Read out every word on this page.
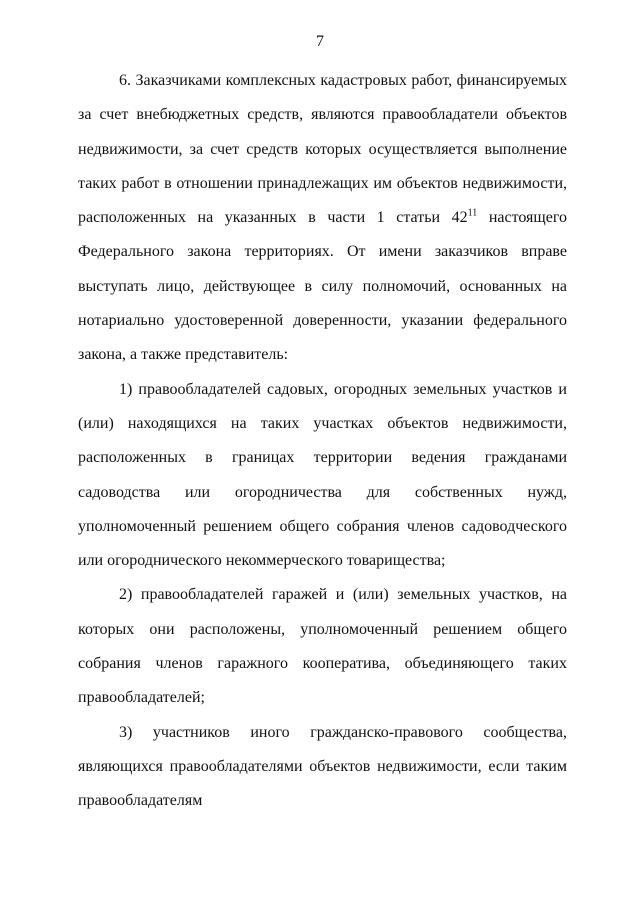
7

6. Заказчиками комплексных кадастровых работ, финансируемых за счет внебюджетных средств, являются правообладатели объектов недвижимости, за счет средств которых осуществляется выполнение таких работ в отношении принадлежащих им объектов недвижимости, расположенных на указанных в части 1 статьи $42^{11}$ настоящего Федерального закона территориях. От имени заказчиков вправе выступать лицо, действующее в силу полномочий, основанных на нотариально удостоверенной доверенности, указании федерального закона, а также представитель:

1) правообладателей садовых, огородных земельных участков и (или) находящихся на таких участках объектов недвижимости, расположенных в границах территории ведения гражданами садоводства или огородничества для собственных нужд, уполномоченный решением общего собрания членов садоводческого или огороднического некоммерческого товарищества;

2) правообладателей гаражей и (или) земельных участков, на которых они расположены, уполномоченный решением общего собрания членов гаражного кооператива, объединяющего таких правообладателей;

3) участников иного гражданско-правового сообщества, являющихся правообладателями объектов недвижимости, если таким правообладателям
